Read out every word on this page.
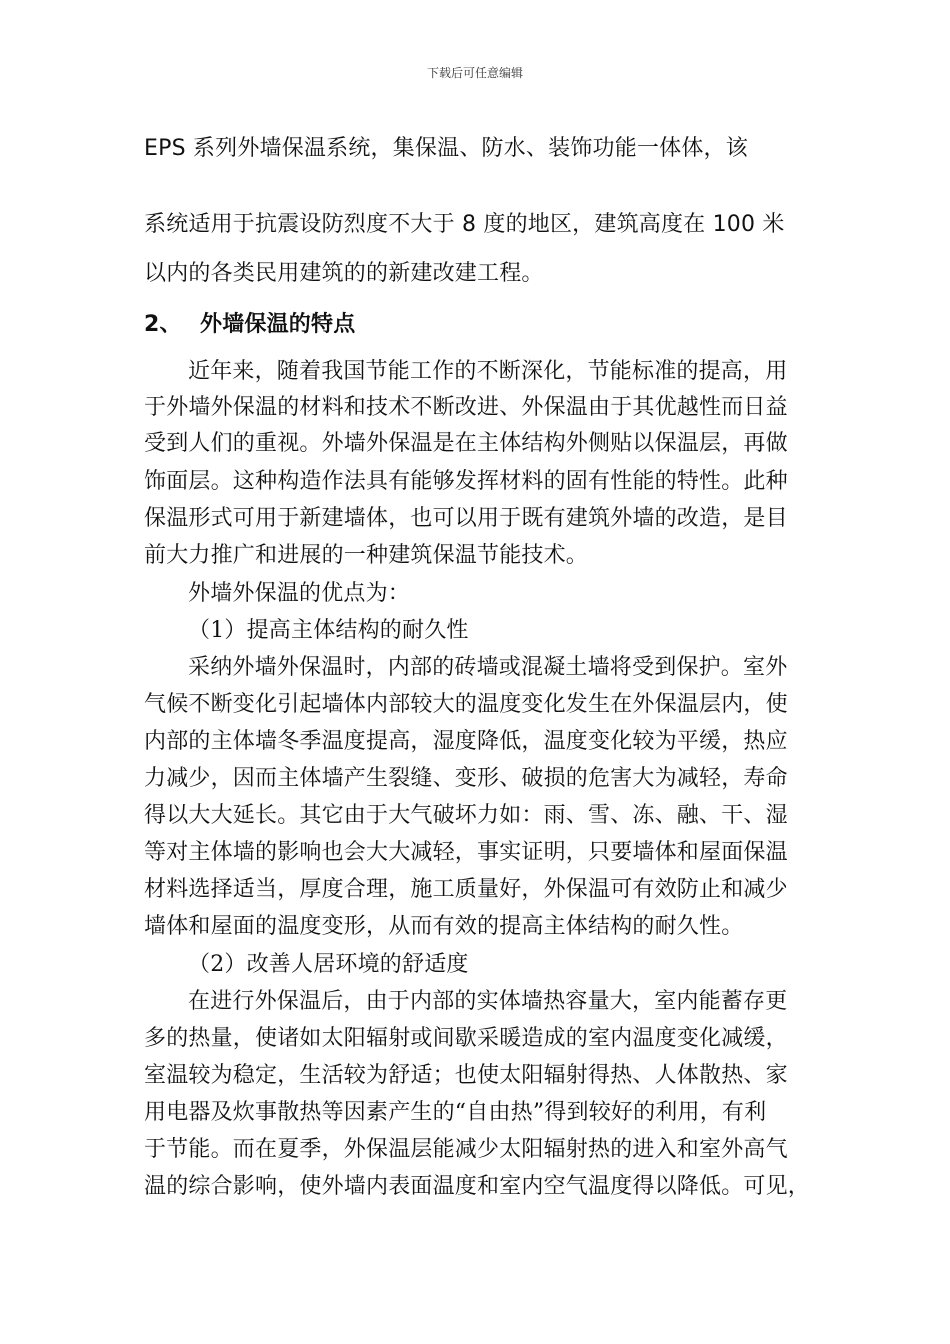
下载后可任意编辑
EPS 系列外墙保温系统，集保温、防水、装饰功能一体体，该
系统适用于抗震设防烈度不大于 8 度的地区，建筑高度在 100 米
以内的各类民用建筑的的新建改建工程。
2、 外墙保温的特点
近年来，随着我国节能工作的不断深化，节能标准的提高，用
于外墙外保温的材料和技术不断改进、外保温由于其优越性而日益
受到人们的重视。外墙外保温是在主体结构外侧贴以保温层，再做
饰面层。这种构造作法具有能够发挥材料的固有性能的特性。此种
保温形式可用于新建墙体，也可以用于既有建筑外墙的改造，是目
前大力推广和进展的一种建筑保温节能技术。
外墙外保温的优点为：
（1）提高主体结构的耐久性
采纳外墙外保温时，内部的砖墙或混凝土墙将受到保护。室外
气候不断变化引起墙体内部较大的温度变化发生在外保温层内，使
内部的主体墙冬季温度提高，湿度降低，温度变化较为平缓，热应
力减少，因而主体墙产生裂缝、变形、破损的危害大为减轻，寿命
得以大大延长。其它由于大气破坏力如：雨、雪、冻、融、干、湿
等对主体墙的影响也会大大减轻，事实证明，只要墙体和屋面保温
材料选择适当，厚度合理，施工质量好，外保温可有效防止和减少
墙体和屋面的温度变形，从而有效的提高主体结构的耐久性。
（2）改善人居环境的舒适度
在进行外保温后，由于内部的实体墙热容量大，室内能蓄存更
多的热量，使诸如太阳辐射或间歇采暖造成的室内温度变化减缓，
室温较为稳定，生活较为舒适；也使太阳辐射得热、人体散热、家
用电器及炊事散热等因素产生的“自由热”得到较好的利用，有利
于节能。而在夏季，外保温层能减少太阳辐射热的进入和室外高气
温的综合影响，使外墙内表面温度和室内空气温度得以降低。可见，
